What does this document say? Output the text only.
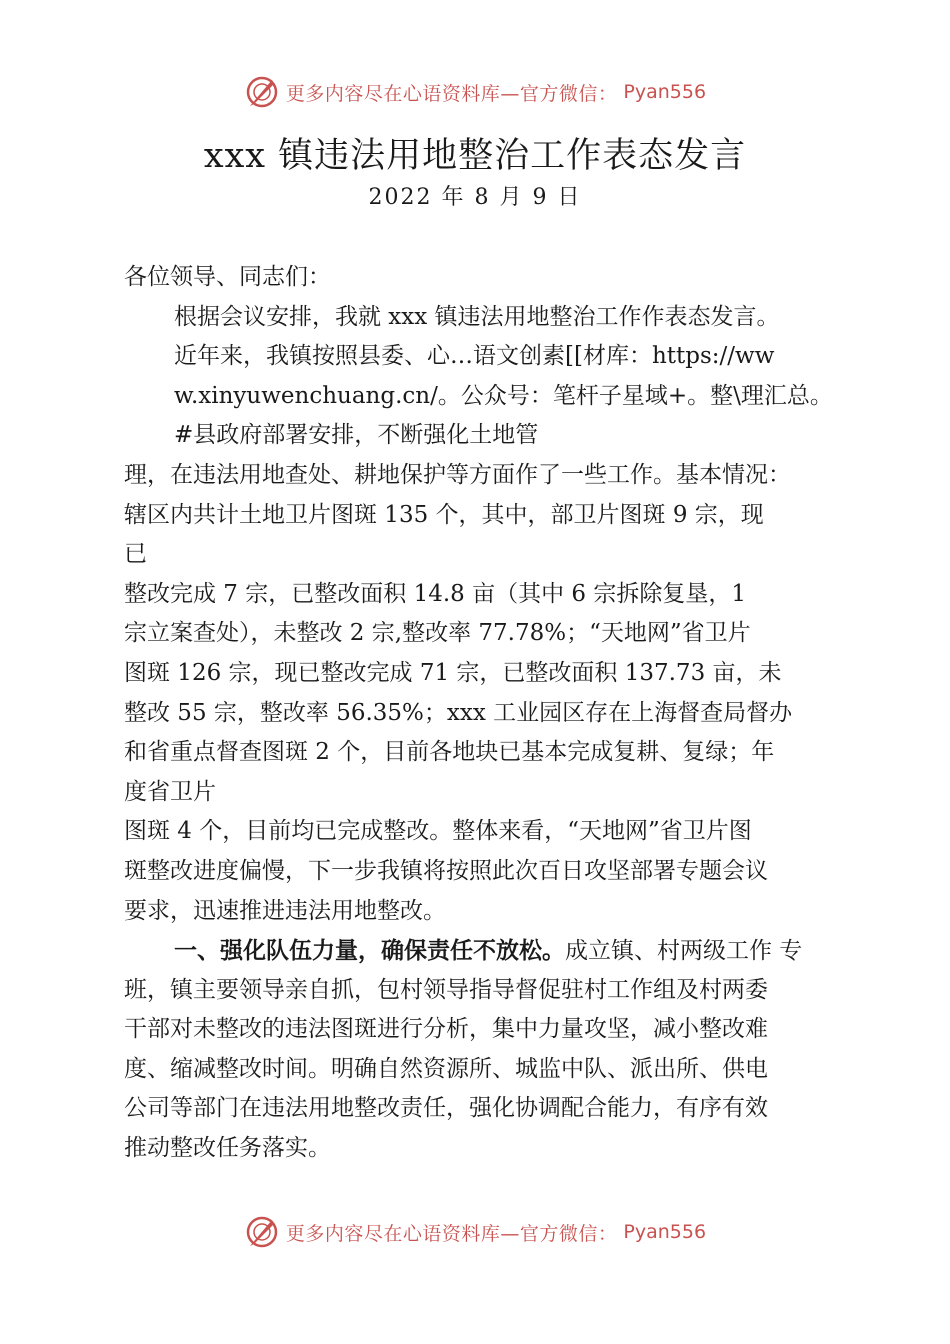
更多内容尽在心语资料库—官方微信： Pyan556
xxx 镇违法用地整治工作表态发言
2022 年 8 月 9 日
各位领导、同志们：
根据会议安排，我就 xxx 镇违法用地整治工作作表态发言。
近年来，我镇按照县委、心…语文创素[[材库：https://ww
w.xinyuwenchuang.cn/。公众号：笔杆子星域+。整\理汇总。
#县政府部署安排，不断强化土地管
理，在违法用地查处、耕地保护等方面作了一些工作。基本情况：
辖区内共计土地卫片图斑 135 个，其中，部卫片图斑 9 宗，现
已
整改完成 7 宗，已整改面积 14.8 亩（其中 6 宗拆除复垦，1
宗立案查处），未整改 2 宗,整改率 77.78%；“天地网”省卫片
图斑 126 宗，现已整改完成 71 宗，已整改面积 137.73 亩，未
整改 55 宗，整改率 56.35%；xxx 工业园区存在上海督查局督办
和省重点督查图斑 2 个，目前各地块已基本完成复耕、复绿；年
度省卫片
图斑 4 个，目前均已完成整改。整体来看，“天地网”省卫片图
斑整改进度偏慢，下一步我镇将按照此次百日攻坚部署专题会议
要求，迅速推进违法用地整改。
一、强化队伍力量，确保责任不放松。成立镇、村两级工作 专
班，镇主要领导亲自抓，包村领导指导督促驻村工作组及村两委
干部对未整改的违法图斑进行分析，集中力量攻坚，减小整改难
度、缩减整改时间。明确自然资源所、城监中队、派出所、供电
公司等部门在违法用地整改责任，强化协调配合能力，有序有效
推动整改任务落实。
更多内容尽在心语资料库—官方微信： Pyan556
